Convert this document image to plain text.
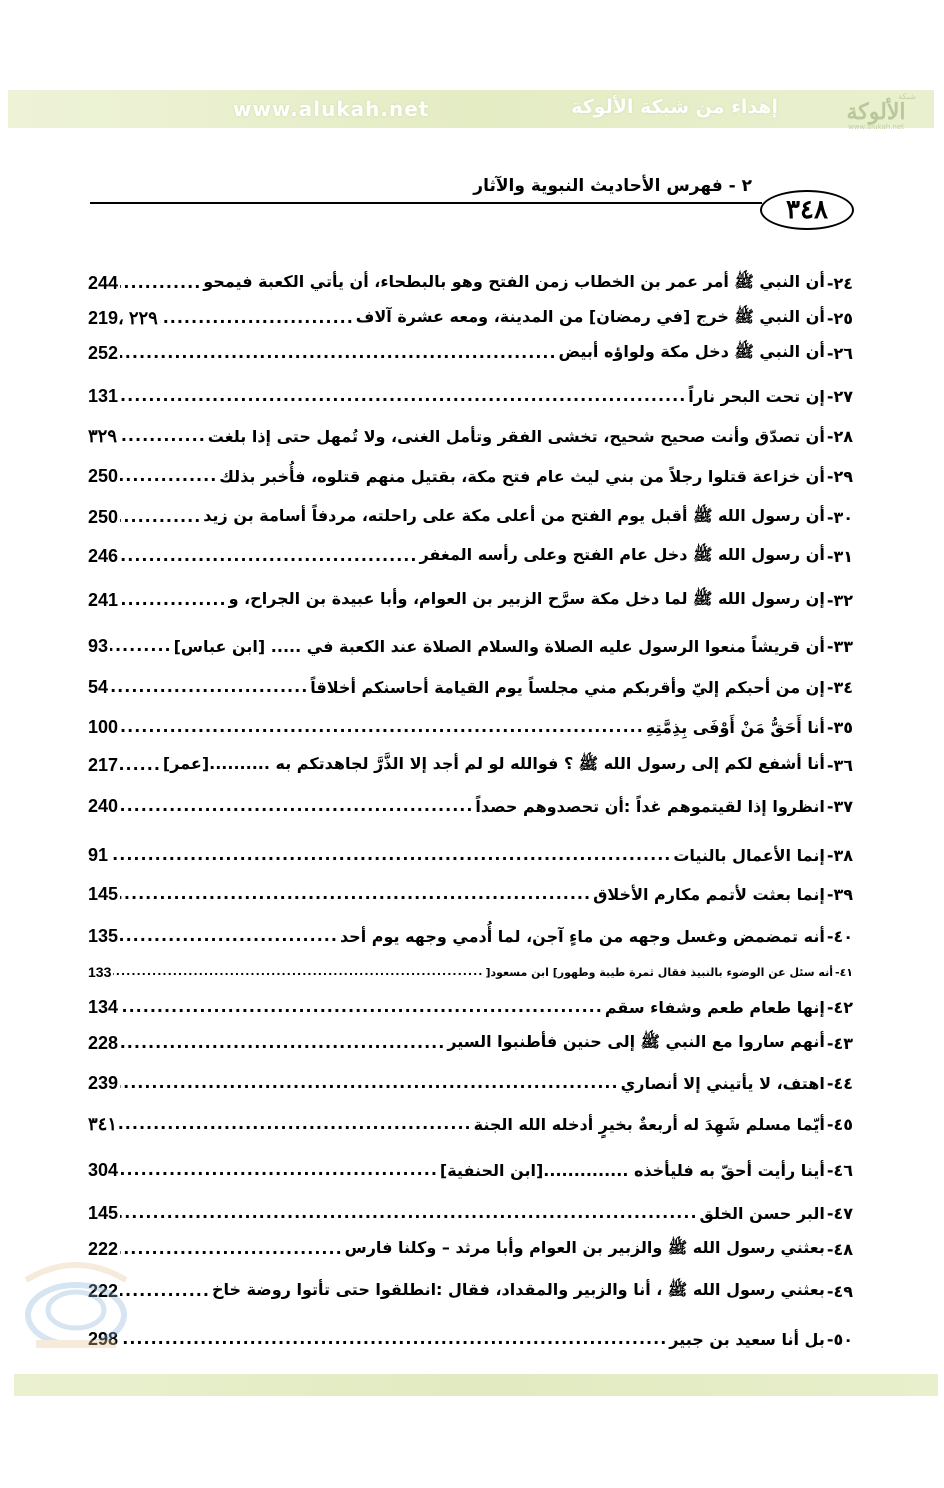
شبكة
الألوكة
www.alukah.net
إهداء من شبكة الألوكة
www.alukah.net
٢ - فهرس الأحاديث النبوية والآثار
٣٤٨
٢٤-
أن النبي ﷺ أمر عمر بن الخطاب زمن الفتح وهو بالبطحاء، أن يأتي الكعبة فيمحو
.....
244
٢٥-
أن النبي ﷺ خرج [في رمضان] من المدينة، ومعه عشرة آلاف
.....
219، ٢٢٩
٢٦-
أن النبي ﷺ دخل مكة ولواؤه أبيض
.....
252
٢٧-
إن تحت البحر ناراً
.....
131
٢٨-
أن تصدّق وأنت صحيح شحيح، تخشى الفقر وتأمل الغنى، ولا تُمهل حتى إذا بلغت
.....
٣٢٩
٢٩-
أن خزاعة قتلوا رجلاً من بني ليث عام فتح مكة، بقتيل منهم قتلوه، فأُخبر بذلك
.....
250
٣٠-
أن رسول الله ﷺ أقبل يوم الفتح من أعلى مكة على راحلته، مردفاً أسامة بن زيد
.....
250
٣١-
أن رسول الله ﷺ دخل عام الفتح وعلى رأسه المغفر
.....
246
٣٢-
إن رسول الله ﷺ لما دخل مكة سرَّح الزبير بن العوام، وأبا عبيدة بن الجراح، و
.....
241
٣٣-
أن قريشاً منعوا الرسول عليه الصلاة والسلام الصلاة عند الكعبة في ..... [ابن عباس]
.....
93
٣٤-
إن من أحبكم إليّ وأقربكم مني مجلساً يوم القيامة أحاسنكم أخلاقاً
.....
54
٣٥-
أنا أَحَقُّ مَنْ أَوْفَى بِذِمَّتِهِ
.....
100
٣٦-
أنا أشفع لكم إلى رسول الله ﷺ ؟ فوالله لو لم أجد إلا الذَّرَّ لجاهدتكم به ..........[عمر]
.....
217
٣٧-
انظروا إذا لقيتموهم غداً :أن تحصدوهم حصداً
.....
240
٣٨-
إنما الأعمال بالنيات
.....
91
٣٩-
إنما بعثت لأتمم مكارم الأخلاق
.....
145
٤٠-
أنه تمضمض وغسل وجهه من ماءٍ آجن، لما أُدمي وجهه يوم أحد
.....
135
٤١-
أنه سئل عن الوضوء بالنبيذ فقال ثمرة طيبة وطهور] ابن مسعود[
.....
133
٤٢-
إنها طعام طعم وشفاء سقم
.....
134
٤٣-
أنهم ساروا مع النبي ﷺ إلى حنين فأطنبوا السير
.....
228
٤٤-
اهتف، لا يأتيني إلا أنصاري
.....
239
٤٥-
أيّما مسلم شَهِدَ له أربعةٌ بخيرٍ أدخله الله الجنة
.....
٣٤١
٤٦-
أينا رأيت أحقّ به فليأخذه ..............[ابن الحنفية]
.....
304
٤٧-
البر حسن الخلق
.....
145
٤٨-
بعثني رسول الله ﷺ والزبير بن العوام وأبا مرثد – وكلنا فارس
.....
222
٤٩-
بعثني رسول الله ﷺ ، أنا والزبير والمقداد، فقال :انطلقوا حتى تأتوا روضة خاخ
.....
222
٥٠-
بل أنا سعيد بن جبير
.....
298
